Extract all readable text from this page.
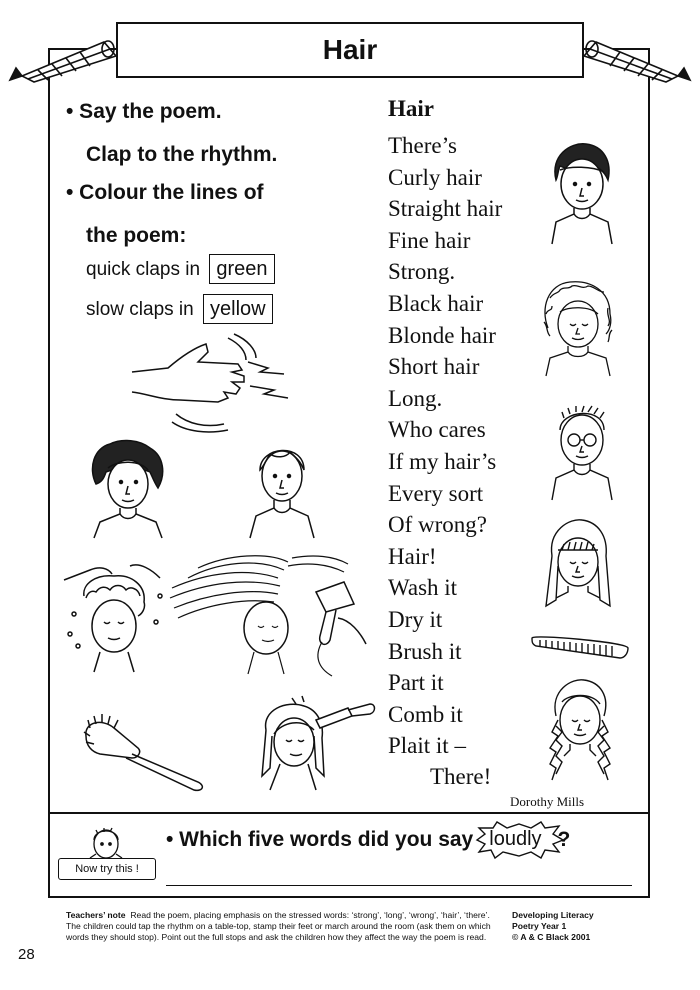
Hair
• Say the poem.
Clap to the rhythm.
• Colour the lines of
the poem:
quick claps in green
slow claps in yellow
Hair
There’s
Curly hair
Straight hair
Fine hair
Strong.
Black hair
Blonde hair
Short hair
Long.
Who cares
If my hair’s
Every sort
Of wrong?
Hair!
Wash it
Dry it
Brush it
Part it
Comb it
Plait it –
There!
Dorothy Mills
Now try this !
• Which five words did you say loudly ?
Teachers’ note Read the poem, placing emphasis on the stressed words: ‘strong’, ‘long’, ‘wrong’, ‘hair’, ‘there’. The children could tap the rhythm on a table-top, stamp their feet or march around the room (ask them on which words they should stop). Point out the full stops and ask the children how they affect the way the poem is read.
Developing Literacy
Poetry Year 1
© A & C Black 2001
28
